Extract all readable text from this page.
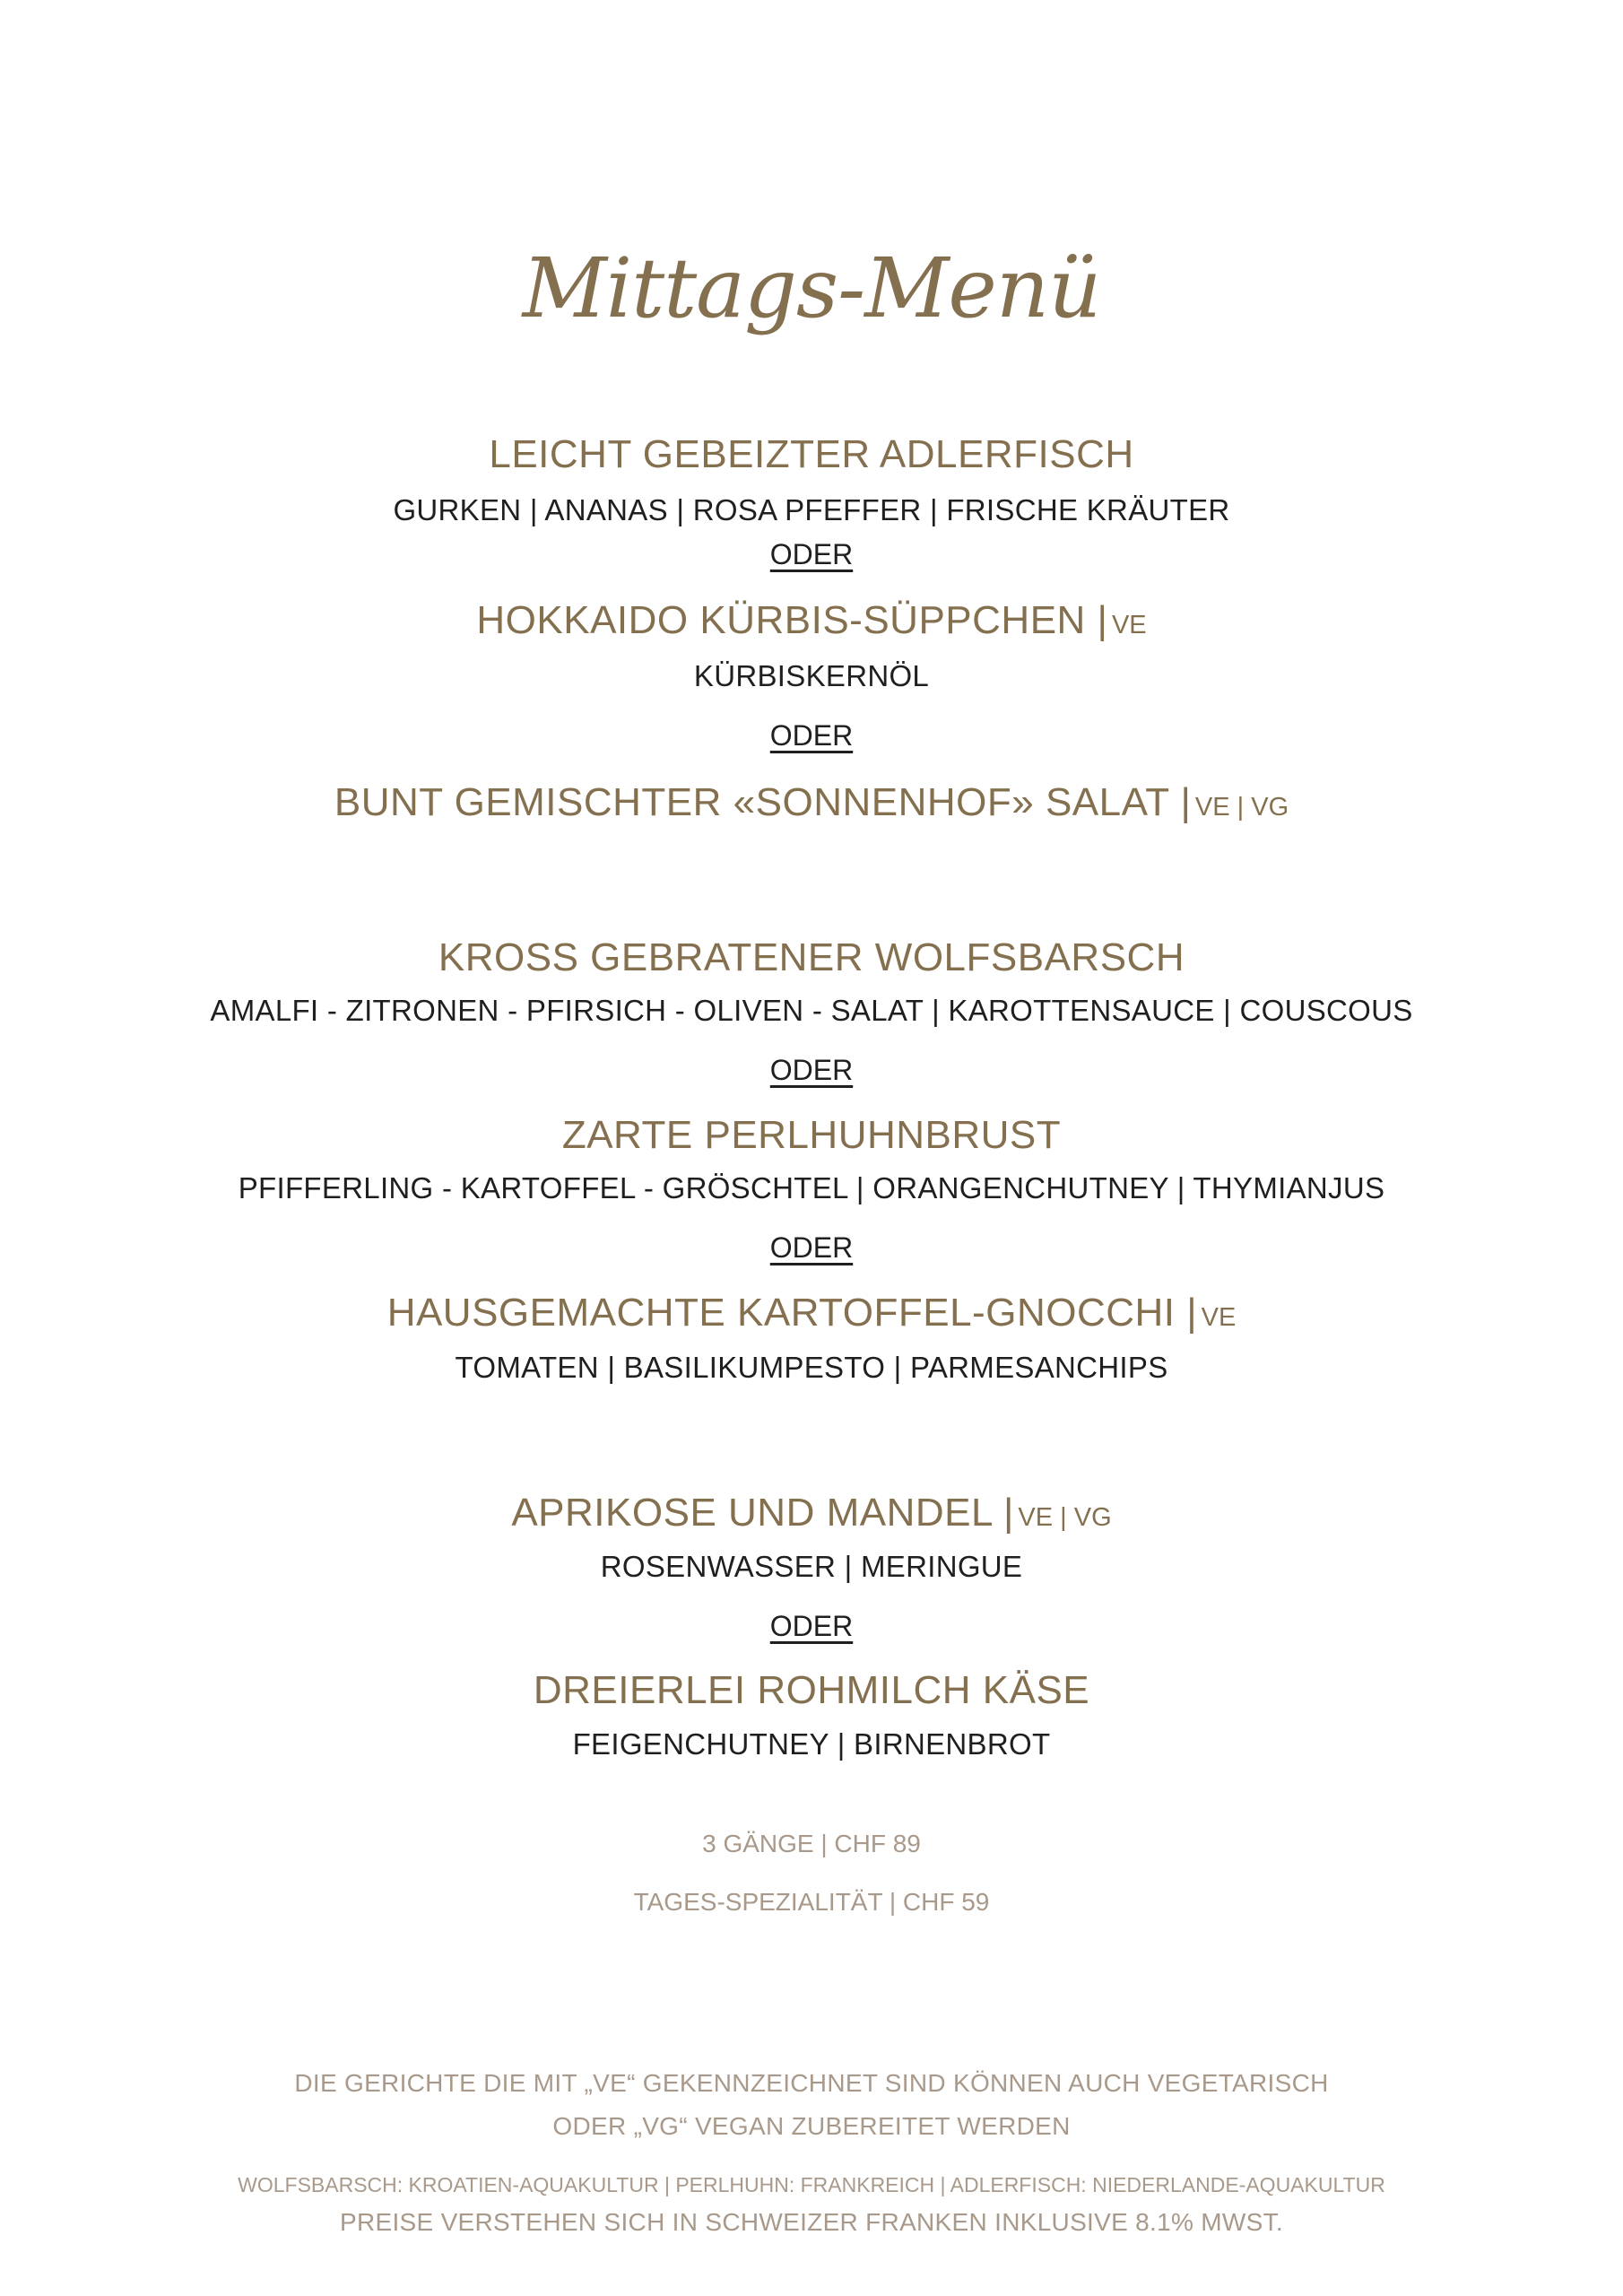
Mittags-Menü
LEICHT GEBEIZTER ADLERFISCH
GURKEN | ANANAS | ROSA PFEFFER | FRISCHE KRÄUTER
ODER
HOKKAIDO KÜRBIS-SÜPPCHEN | VE
KÜRBISKERNÖL
ODER
BUNT GEMISCHTER «SONNENHOF» SALAT | VE | VG
KROSS GEBRATENER WOLFSBARSCH
AMALFI - ZITRONEN - PFIRSICH - OLIVEN - SALAT | KAROTTENSAUCE | COUSCOUS
ODER
ZARTE PERLHUHNBRUST
PFIFFERLING - KARTOFFEL - GRÖSCHTEL | ORANGENCHUTNEY | THYMIANJUS
ODER
HAUSGEMACHTE KARTOFFEL-GNOCCHI | VE
TOMATEN | BASILIKUMPESTO | PARMESANCHIPS
APRIKOSE UND MANDEL | VE | VG
ROSENWASSER | MERINGUE
ODER
DREIERLEI ROHMILCH KÄSE
FEIGENCHUTNEY | BIRNENBROT
3 GÄNGE | CHF 89
TAGES-SPEZIALITÄT | CHF 59
DIE GERICHTE DIE MIT „VE“ GEKENNZEICHNET SIND KÖNNEN AUCH VEGETARISCH
ODER „VG“ VEGAN ZUBEREITET WERDEN
WOLFSBARSCH: KROATIEN-AQUAKULTUR | PERLHUHN: FRANKREICH | ADLERFISCH: NIEDERLANDE-AQUAKULTUR
PREISE VERSTEHEN SICH IN SCHWEIZER FRANKEN INKLUSIVE 8.1% MWST.
